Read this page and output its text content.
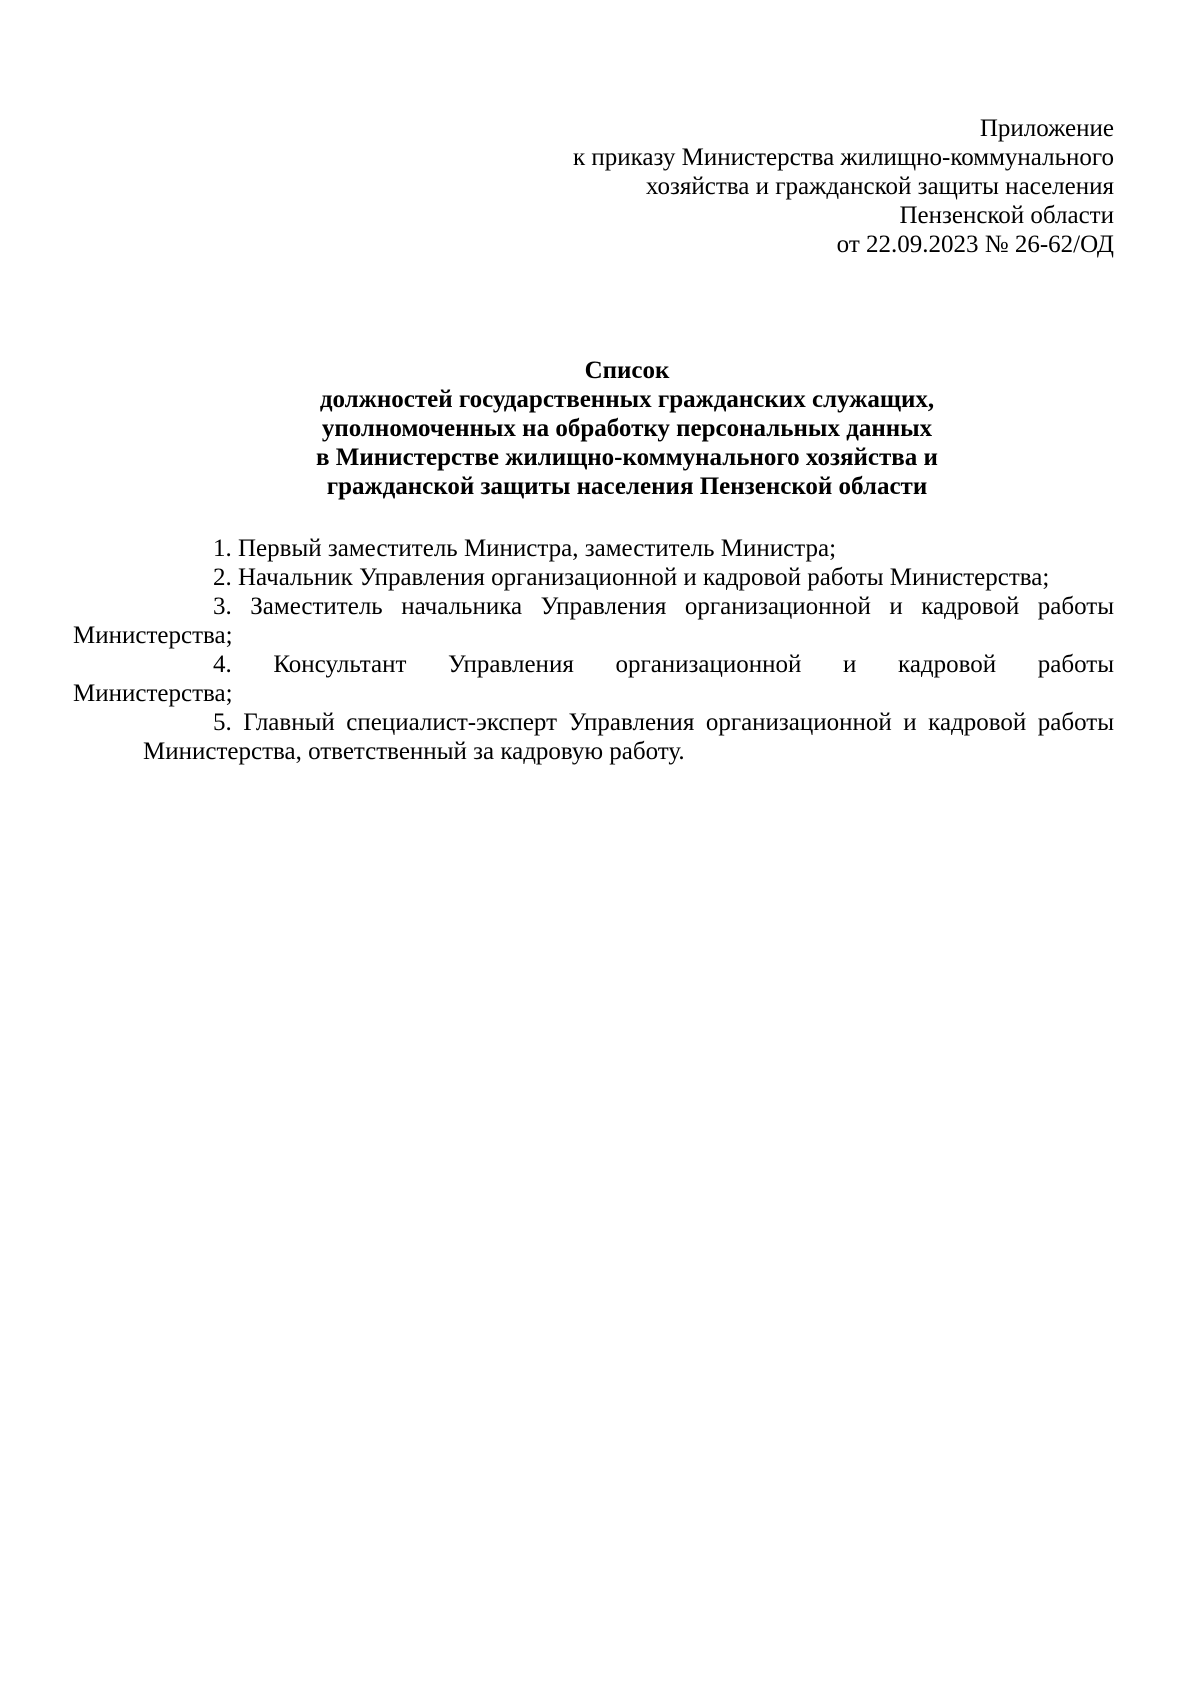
Приложение
к приказу Министерства жилищно-коммунального
хозяйства и гражданской защиты населения
Пензенской области
от 22.09.2023 № 26-62/ОД
Список
должностей государственных гражданских служащих,
уполномоченных на обработку персональных данных
в Министерстве жилищно-коммунального хозяйства и
гражданской защиты населения Пензенской области

1. Первый заместитель Министра, заместитель Министра;

2. Начальник Управления организационной и кадровой работы Министерства;

3. Заместитель начальника Управления организационной и кадровой работы

Министерства;

4. Консультант Управления организационной и кадровой работы

Министерства;

5. Главный специалист-эксперт Управления организационной и кадровой работы Министерства, ответственный за кадровую работу.
